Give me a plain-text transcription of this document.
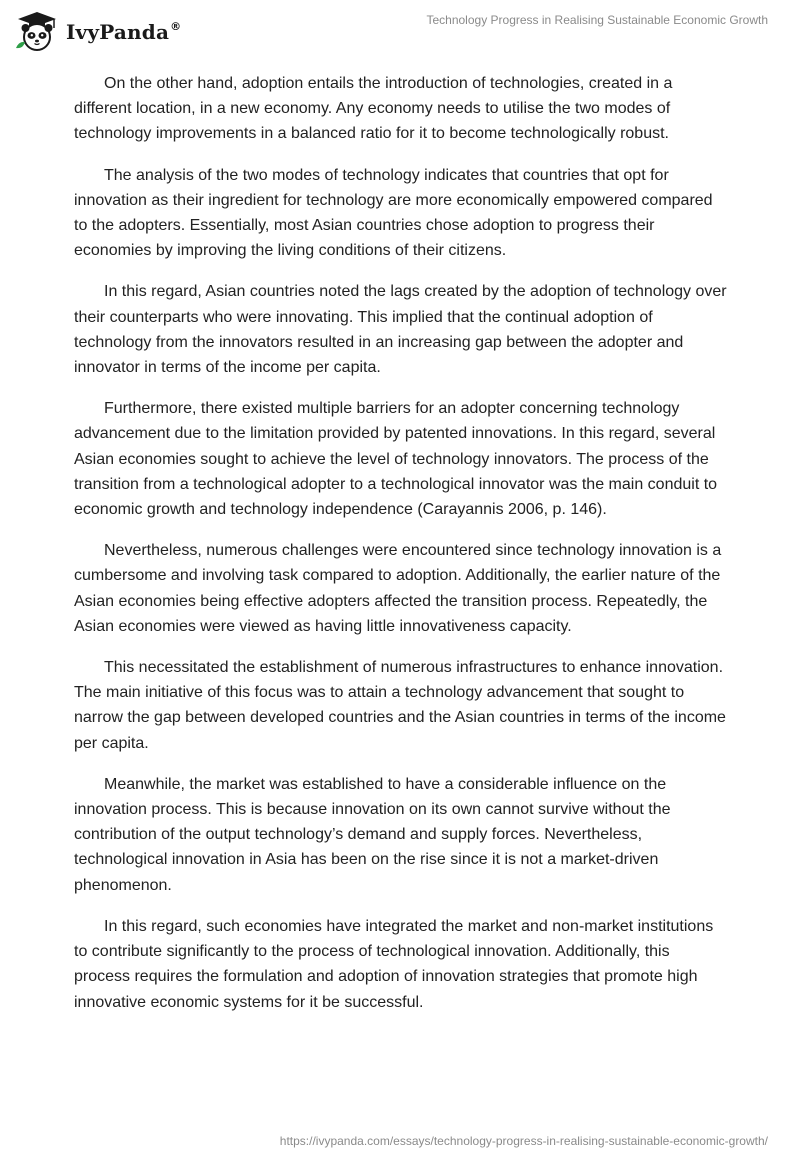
IvyPanda®	Technology Progress in Realising Sustainable Economic Growth

On the other hand, adoption entails the introduction of technologies, created in a different location, in a new economy. Any economy needs to utilise the two modes of technology improvements in a balanced ratio for it to become technologically robust.

The analysis of the two modes of technology indicates that countries that opt for innovation as their ingredient for technology are more economically empowered compared to the adopters. Essentially, most Asian countries chose adoption to progress their economies by improving the living conditions of their citizens.

In this regard, Asian countries noted the lags created by the adoption of technology over their counterparts who were innovating. This implied that the continual adoption of technology from the innovators resulted in an increasing gap between the adopter and innovator in terms of the income per capita.

Furthermore, there existed multiple barriers for an adopter concerning technology advancement due to the limitation provided by patented innovations. In this regard, several Asian economies sought to achieve the level of technology innovators. The process of the transition from a technological adopter to a technological innovator was the main conduit to economic growth and technology independence (Carayannis 2006, p. 146).

Nevertheless, numerous challenges were encountered since technology innovation is a cumbersome and involving task compared to adoption. Additionally, the earlier nature of the Asian economies being effective adopters affected the transition process. Repeatedly, the Asian economies were viewed as having little innovativeness capacity.

This necessitated the establishment of numerous infrastructures to enhance innovation. The main initiative of this focus was to attain a technology advancement that sought to narrow the gap between developed countries and the Asian countries in terms of the income per capita.

Meanwhile, the market was established to have a considerable influence on the innovation process. This is because innovation on its own cannot survive without the contribution of the output technology’s demand and supply forces. Nevertheless, technological innovation in Asia has been on the rise since it is not a market-driven phenomenon.

In this regard, such economies have integrated the market and non-market institutions to contribute significantly to the process of technological innovation. Additionally, this process requires the formulation and adoption of innovation strategies that promote high innovative economic systems for it be successful.

https://ivypanda.com/essays/technology-progress-in-realising-sustainable-economic-growth/
